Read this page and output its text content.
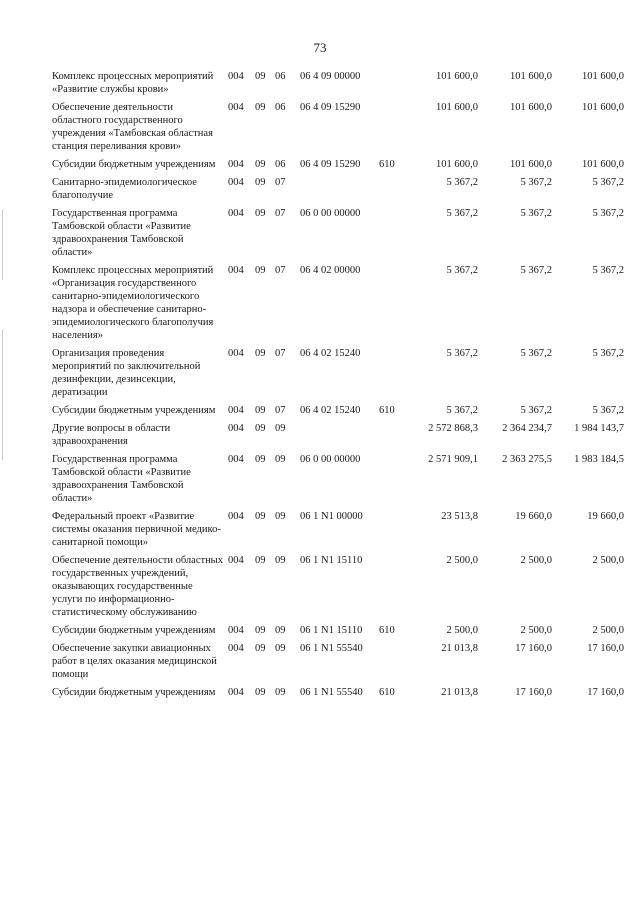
73
Комплекс процессных мероприятий «Развитие службы крови»	004	09	06	06 4 09 00000		101 600,0	101 600,0	101 600,0

Обеспечение деятельности областного государственного учреждения «Тамбовская областная станция переливания крови»	004	09	06	06 4 09 15290		101 600,0	101 600,0	101 600,0

Субсидии бюджетным учреждениям	004	09	06	06 4 09 15290	610	101 600,0	101 600,0	101 600,0

Санитарно-эпидемиологическое благополучие	004	09	07			5 367,2	5 367,2	5 367,2

Государственная программа Тамбовской области «Развитие здравоохранения Тамбовской области»	004	09	07	06 0 00 00000		5 367,2	5 367,2	5 367,2

Комплекс процессных мероприятий «Организация государственного санитарно-эпидемиологического надзора и обеспечение санитарно-эпидемиологического благополучия населения»	004	09	07	06 4 02 00000		5 367,2	5 367,2	5 367,2

Организация проведения мероприятий по заключительной дезинфекции, дезинсекции, дератизации	004	09	07	06 4 02 15240		5 367,2	5 367,2	5 367,2

Субсидии бюджетным учреждениям	004	09	07	06 4 02 15240	610	5 367,2	5 367,2	5 367,2

Другие вопросы в области здравоохранения	004	09	09			2 572 868,3	2 364 234,7	1 984 143,7

Государственная программа Тамбовской области «Развитие здравоохранения Тамбовской области»	004	09	09	06 0 00 00000		2 571 909,1	2 363 275,5	1 983 184,5

Федеральный проект «Развитие системы оказания первичной медико-санитарной помощи»	004	09	09	06 1 N1 00000		23 513,8	19 660,0	19 660,0

Обеспечение деятельности областных государственных учреждений, оказывающих государственные услуги по информационно-статистическому обслуживанию	004	09	09	06 1 N1 15110		2 500,0	2 500,0	2 500,0

Субсидии бюджетным учреждениям	004	09	09	06 1 N1 15110	610	2 500,0	2 500,0	2 500,0

Обеспечение закупки авиационных работ в целях оказания медицинской помощи	004	09	09	06 1 N1 55540		21 013,8	17 160,0	17 160,0

Субсидии бюджетным учреждениям	004	09	09	06 1 N1 55540	610	21 013,8	17 160,0	17 160,0
